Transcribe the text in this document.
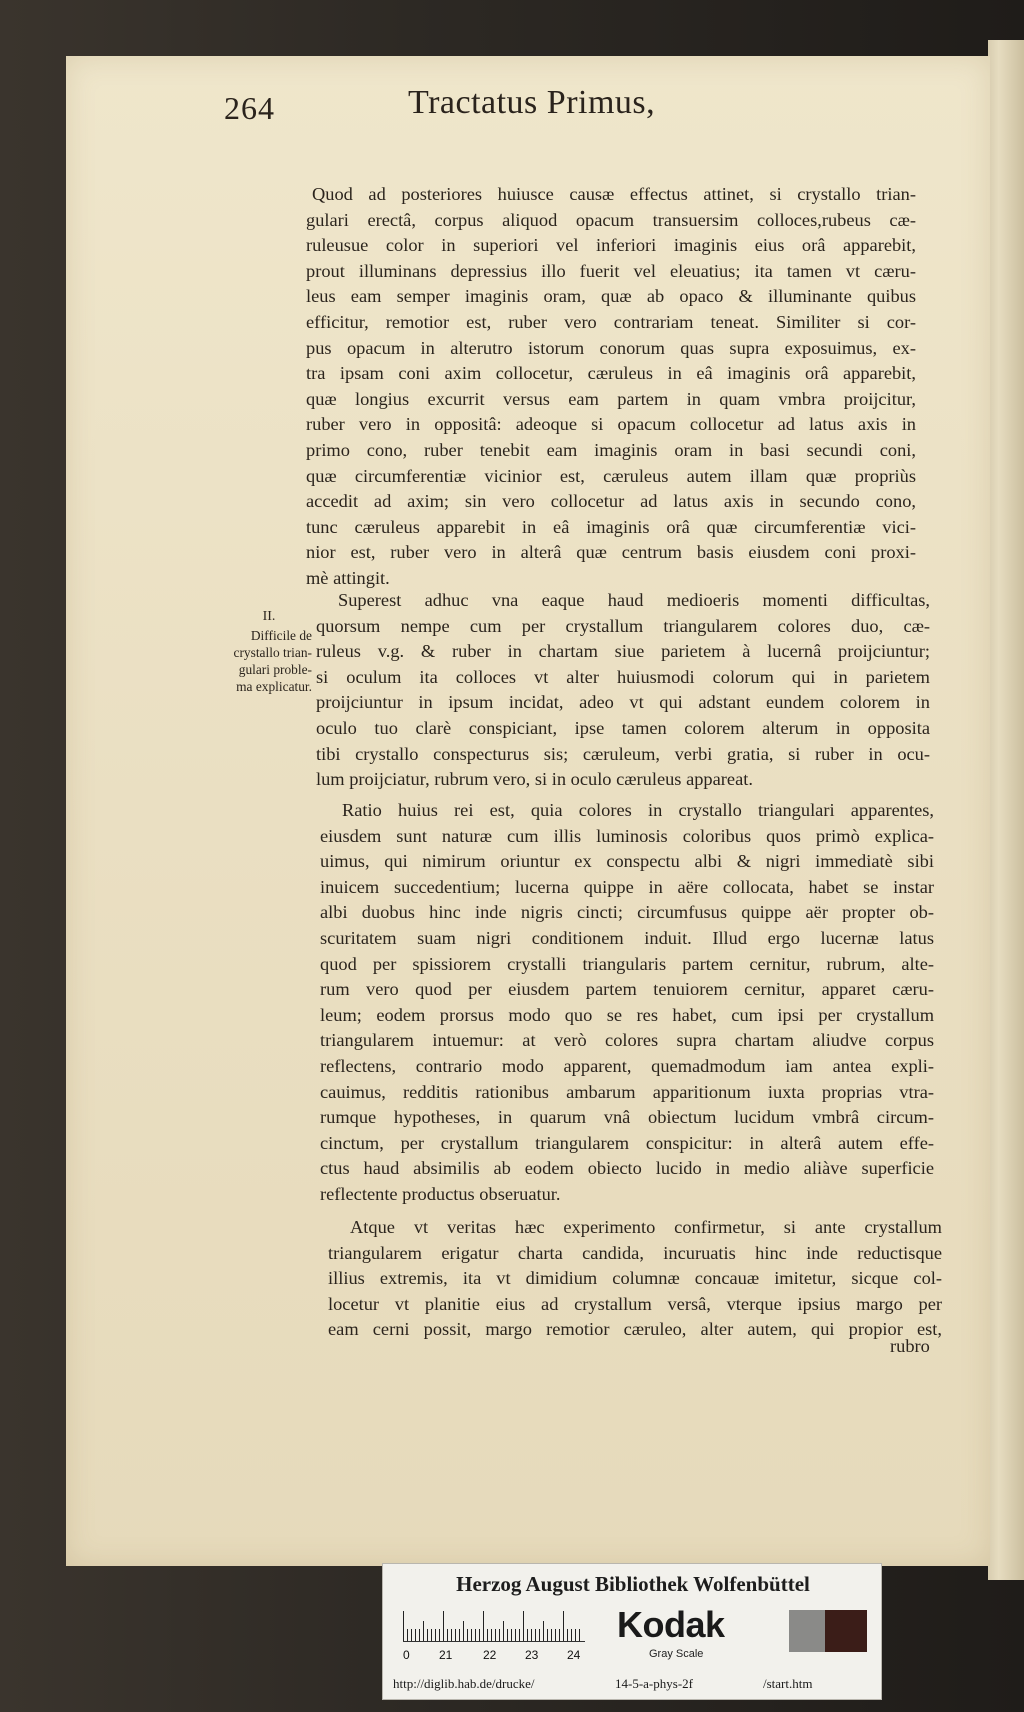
264	Tractatus Primus,
Quod ad posteriores huiusce causæ effectus attinet, si crystallo trian-
gulari erectâ, corpus aliquod opacum transuersim colloces,rubeus cæ-
ruleusue color in superiori vel inferiori imaginis eius orâ apparebit,
prout illuminans depressius illo fuerit vel eleuatius; ita tamen vt cæru-
leus eam semper imaginis oram, quæ ab opaco & illuminante quibus
efficitur, remotior est, ruber vero contrariam teneat. Similiter si cor-
pus opacum in alterutro istorum conorum quas supra exposuimus, ex-
tra ipsam coni axim collocetur, cæruleus in eâ imaginis orâ apparebit,
quæ longius excurrit versus eam partem in quam vmbra proijcitur,
ruber vero in oppositâ: adeoque si opacum collocetur ad latus axis in
primo cono, ruber tenebit eam imaginis oram in basi secundi coni,
quæ circumferentiæ vicinior est, cæruleus autem illam quæ propriùs
accedit ad axim; sin vero collocetur ad latus axis in secundo cono,
tunc cæruleus apparebit in eâ imaginis orâ quæ circumferentiæ vici-
nior est, ruber vero in alterâ quæ centrum basis eiusdem coni proxi-
mè attingit.
II.
Difficile de
crystallo trian-
gulari proble-
ma explicatur.
Superest adhuc vna eaque haud medioeris momenti difficultas,
quorsum nempe cum per crystallum triangularem colores duo, cæ-
ruleus v.g. & ruber in chartam siue parietem à lucernâ proijciuntur;
si oculum ita colloces vt alter huiusmodi colorum qui in parietem
proijciuntur in ipsum incidat, adeo vt qui adstant eundem colorem in
oculo tuo clarè conspiciant, ipse tamen colorem alterum in opposita
tibi crystallo conspecturus sis; cæruleum, verbi gratia, si ruber in ocu-
lum proijciatur, rubrum vero, si in oculo cæruleus appareat.
Ratio huius rei est, quia colores in crystallo triangulari apparentes,
eiusdem sunt naturæ cum illis luminosis coloribus quos primò explica-
uimus, qui nimirum oriuntur ex conspectu albi & nigri immediatè sibi
inuicem succedentium; lucerna quippe in aëre collocata, habet se instar
albi duobus hinc inde nigris cincti; circumfusus quippe aër propter ob-
scuritatem suam nigri conditionem induit. Illud ergo lucernæ latus
quod per spissiorem crystalli triangularis partem cernitur, rubrum, alte-
rum vero quod per eiusdem partem tenuiorem cernitur, apparet cæru-
leum; eodem prorsus modo quo se res habet, cum ipsi per crystallum
triangularem intuemur: at verò colores supra chartam aliudve corpus
reflectens, contrario modo apparent, quemadmodum iam antea expli-
cauimus, redditis rationibus ambarum apparitionum iuxta proprias vtra-
rumque hypotheses, in quarum vnâ obiectum lucidum vmbrâ circum-
cinctum, per crystallum triangularem conspicitur: in alterâ autem effe-
ctus haud absimilis ab eodem obiecto lucido in medio aliàve superficie
reflectente productus obseruatur.
Atque vt veritas hæc experimento confirmetur, si ante crystallum
triangularem erigatur charta candida, incuruatis hinc inde reductisque
illius extremis, ita vt dimidium columnæ concauæ imitetur, sicque col-
locetur vt planitie eius ad crystallum versâ, vterque ipsius margo per
eam cerni possit, margo remotior cæruleo, alter autem, qui propior est,
rubro
Herzog August Bibliothek Wolfenbüttel
0 21	22 23 24
Kodak
Gray Scale
http://diglib.hab.de/drucke/	14-5-a-phys-2f	/start.htm
